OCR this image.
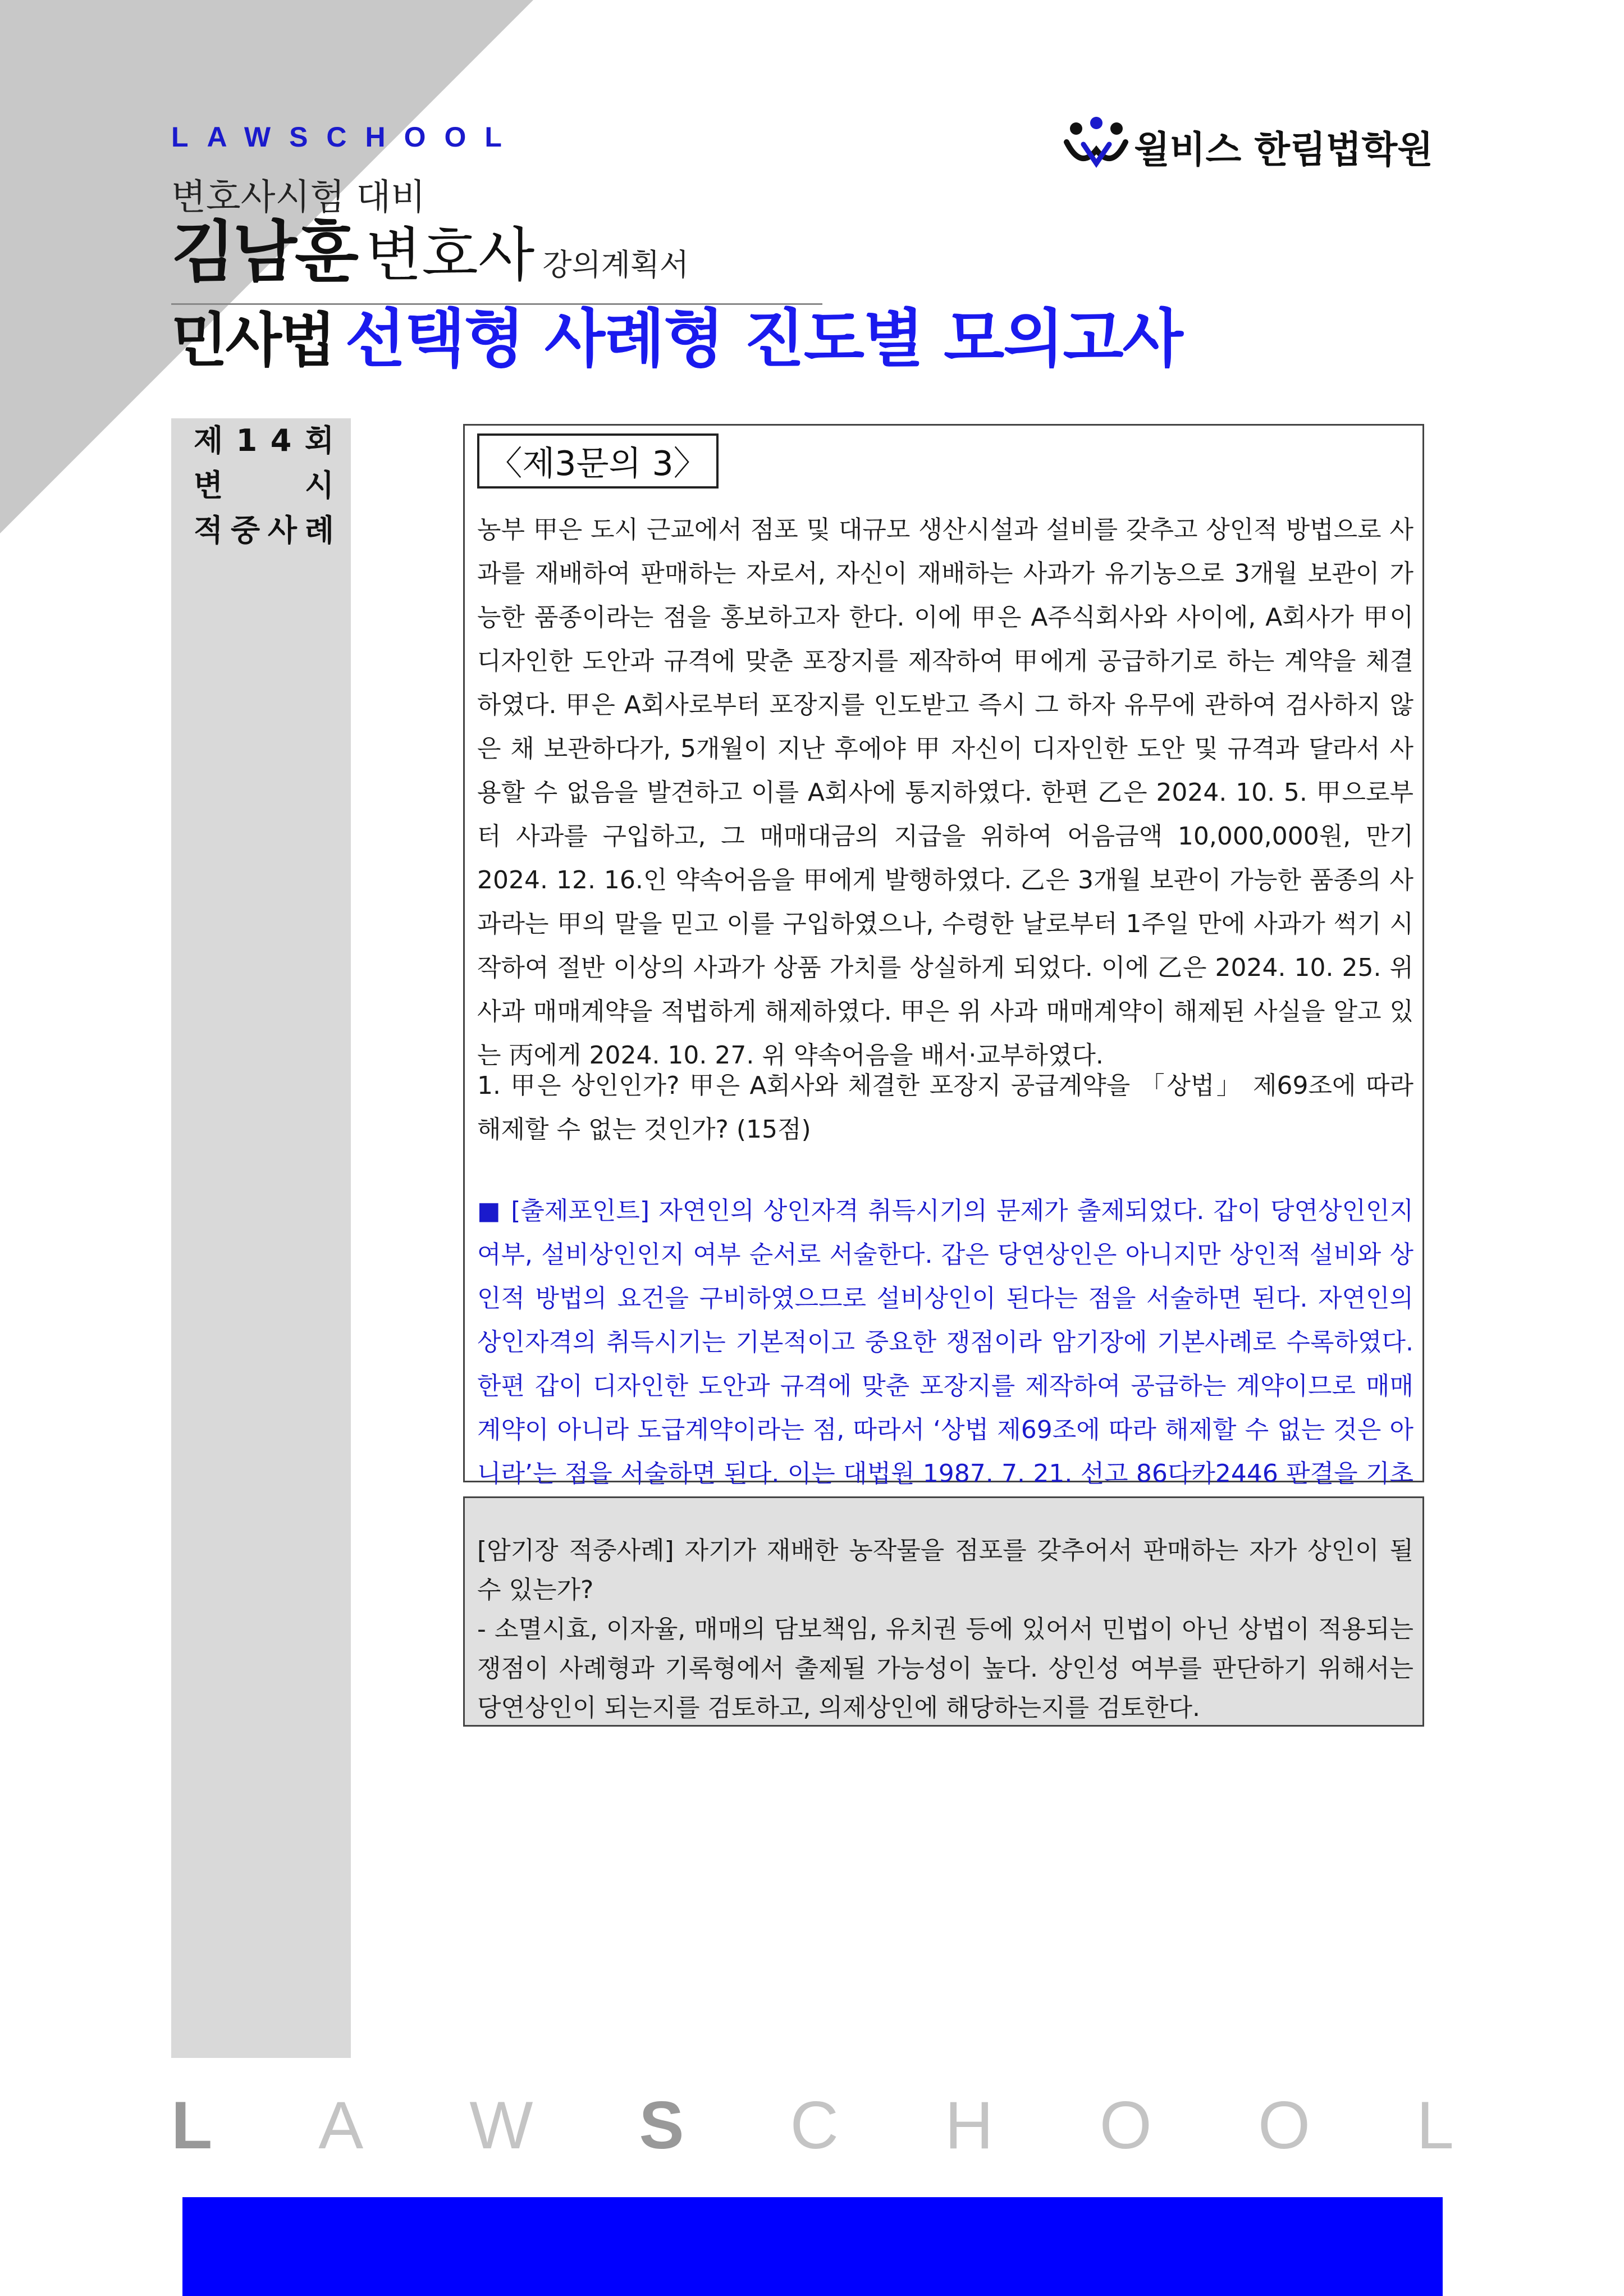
LAWSCHOOL
변호사시험 대비
김남훈 변호사 강의계획서
민사법 선택형 사례형 진도별 모의고사
윌비스 한림법학원
제 1 4 회
변	시
적 중 사 례
〈제3문의 3〉
농부 甲은 도시 근교에서 점포 및 대규모 생산시설과 설비를 갖추고 상인적 방법으로 사과를 재배하여 판매하는 자로서, 자신이 재배하는 사과가 유기농으로 3개월 보관이 가능한 품종이라는 점을 홍보하고자 한다. 이에 甲은 A주식회사와 사이에, A회사가 甲이 디자인한 도안과 규격에 맞춘 포장지를 제작하여 甲에게 공급하기로 하는 계약을 체결하였다. 甲은 A회사로부터 포장지를 인도받고 즉시 그 하자 유무에 관하여 검사하지 않은 채 보관하다가, 5개월이 지난 후에야 甲 자신이 디자인한 도안 및 규격과 달라서 사용할 수 없음을 발견하고 이를 A회사에 통지하였다. 한편 乙은 2024. 10. 5. 甲으로부터 사과를 구입하고, 그 매매대금의 지급을 위하여 어음금액 10,000,000원, 만기 2024. 12. 16.인 약속어음을 甲에게 발행하였다. 乙은 3개월 보관이 가능한 품종의 사과라는 甲의 말을 믿고 이를 구입하였으나, 수령한 날로부터 1주일 만에 사과가 썩기 시작하여 절반 이상의 사과가 상품 가치를 상실하게 되었다. 이에 乙은 2024. 10. 25. 위 사과 매매계약을 적법하게 해제하였다. 甲은 위 사과 매매계약이 해제된 사실을 알고 있는 丙에게 2024. 10. 27. 위 약속어음을 배서·교부하였다.
1. 甲은 상인인가? 甲은 A회사와 체결한 포장지 공급계약을 「상법」 제69조에 따라 해제할 수 없는 것인가? (15점)
■ [출제포인트] 자연인의 상인자격 취득시기의 문제가 출제되었다. 갑이 당연상인인지 여부, 설비상인인지 여부 순서로 서술한다. 갑은 당연상인은 아니지만 상인적 설비와 상인적 방법의 요건을 구비하였으므로 설비상인이 된다는 점을 서술하면 된다. 자연인의 상인자격의 취득시기는 기본적이고 중요한 쟁점이라 암기장에 기본사례로 수록하였다. 한편 갑이 디자인한 도안과 규격에 맞춘 포장지를 제작하여 공급하는 계약이므로 매매계약이 아니라 도급계약이라는 점, 따라서 ‘상법 제69조에 따라 해제할 수 없는 것은 아니라’는 점을 서술하면 된다. 이는 대법원 1987. 7. 21. 선고 86다카2446 판결을 기초
[암기장 적중사례] 자기가 재배한 농작물을 점포를 갖추어서 판매하는 자가 상인이 될 수 있는가?
- 소멸시효, 이자율, 매매의 담보책임, 유치권 등에 있어서 민법이 아닌 상법이 적용되는 쟁점이 사례형과 기록형에서 출제될 가능성이 높다. 상인성 여부를 판단하기 위해서는 당연상인이 되는지를 검토하고, 의제상인에 해당하는지를 검토한다.
L A W S C H O O L
